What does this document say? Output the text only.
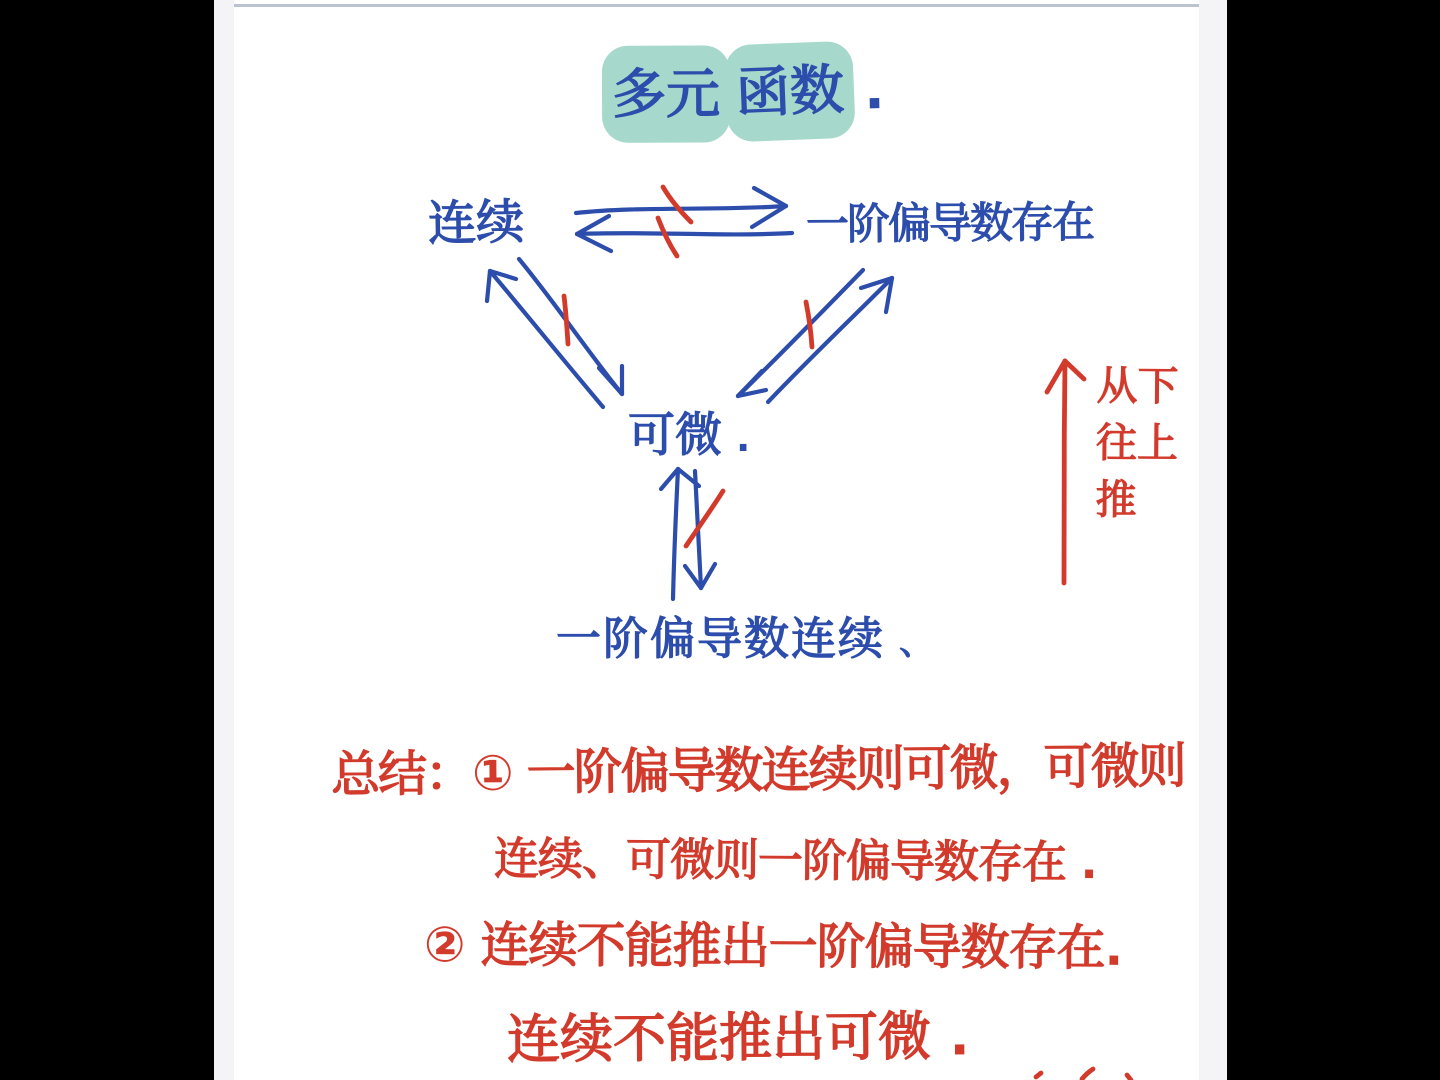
多元 函数 .
连续	一阶偏导数存在
可微 .
一阶偏导数连续 、
从下
往上
推
总结：① 一阶偏导数连续则可微，可微则
连续、可微则一阶偏导数存在 .
② 连续不能推出一阶偏导数存在.
连续不能推出可微 .
